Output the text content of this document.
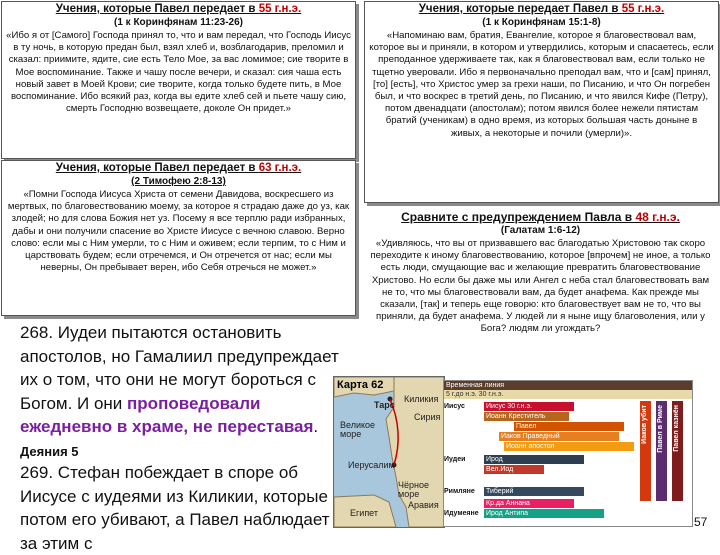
Учения, которые Павел передает в 55 г.н.э.
(1 к Коринфянам 11:23-26)
«Ибо я от [Самого] Господа принял то, что и вам передал, что Господь Иисус в ту ночь, в которую предан был, взял хлеб и, возблагодарив, преломил и сказал: приимите, ядите, сие есть Тело Мое, за вас ломимое; сие творите в Мое воспоминание. Также и чашу после вечери, и сказал: сия чаша есть новый завет в Моей Крови; сие творите, когда только будете пить, в Мое воспоминание. Ибо всякий раз, когда вы едите хлеб сей и пьете чашу сию, смерть Господню возвещаете, доколе Он придет.»
Учения, которые Павел передает в 63 г.н.э.
(2 Тимофею 2:8-13)
«Помни Господа Иисуса Христа от семени Давидова, воскресшего из мертвых, по благовествованию моему, за которое я страдаю даже до уз, как злодей; но для слова Божия нет уз. Посему я все терплю ради избранных, дабы и они получили спасение во Христе Иисусе с вечною славою. Верно слово: если мы с Ним умерли, то с Ним и оживем; если терпим, то с Ним и царствовать будем; если отречемся, и Он отречется от нас; если мы неверны, Он пребывает верен, ибо Себя отречься не может.»
Учения, которые передает Павел в 55 г.н.э.
(1 к Коринфянам 15:1-8)
«Напоминаю вам, братия, Евангелие, которое я благовествовал вам, которое вы и приняли, в котором и утвердились, которым и спасаетесь, если преподанное удерживаете так, как я благовествовал вам, если только не тщетно уверовали. Ибо я первоначально преподал вам, что и [сам] принял, [то] [есть], что Христос умер за грехи наши, по Писанию, и что Он погребен был, и что воскрес в третий день, по Писанию, и что явился Кифе (Петру), потом двенадцати (апостолам); потом явился более нежели пятистам братий (ученикам) в одно время, из которых большая часть доныне в живых, а некоторые и почили (умерли)».
Сравните с предупреждением Павла в 48 г.н.э.
(Галатам 1:6-12)
«Удивляюсь, что вы от призвавшего вас благодатью Христовою так скоро переходите к иному благовествованию, которое [впрочем] не иное, а только есть люди, смущающие вас и желающие превратить благовествование Христово. Но если бы даже мы или Ангел с неба стал благовествовать вам не то, что мы благовествовали вам, да будет анафема. Как прежде мы сказали, [так] и теперь еще говорю: кто благовествует вам не то, что вы приняли, да будет анафема. У людей ли я ныне ищу благоволения, или у Бога? людям ли угождать?
268. Иудеи пытаются остановить апостолов, но Гамалиил предупреждает их о том, что они не могут бороться с Богом. И они проповедовали ежедневно в храме, не переставая. Деяния 5
269. Стефан побеждает в споре об Иисусе с иудеями из Киликии, которые потом его убивают, а Павел наблюдает за этим с
Карта 62
Тарс
Киликия
Сирия
Великое море
Иерусалим
Чёрное море
Аравия
Египет
Временная линия
5 г.до н.э. 30 г.н.э.
Иисус	Иисус 30 г.н.э.
Иоанн Креститель
Павел
Иаков Праведный
Иоанн апостол
Иудеи	Ирод
Вел.Иод
Римляне Тиберий
Кр.да Аннана
Идумеяне Ирод Антипа
Иаков убит Павел в Риме Павел казнён
57
